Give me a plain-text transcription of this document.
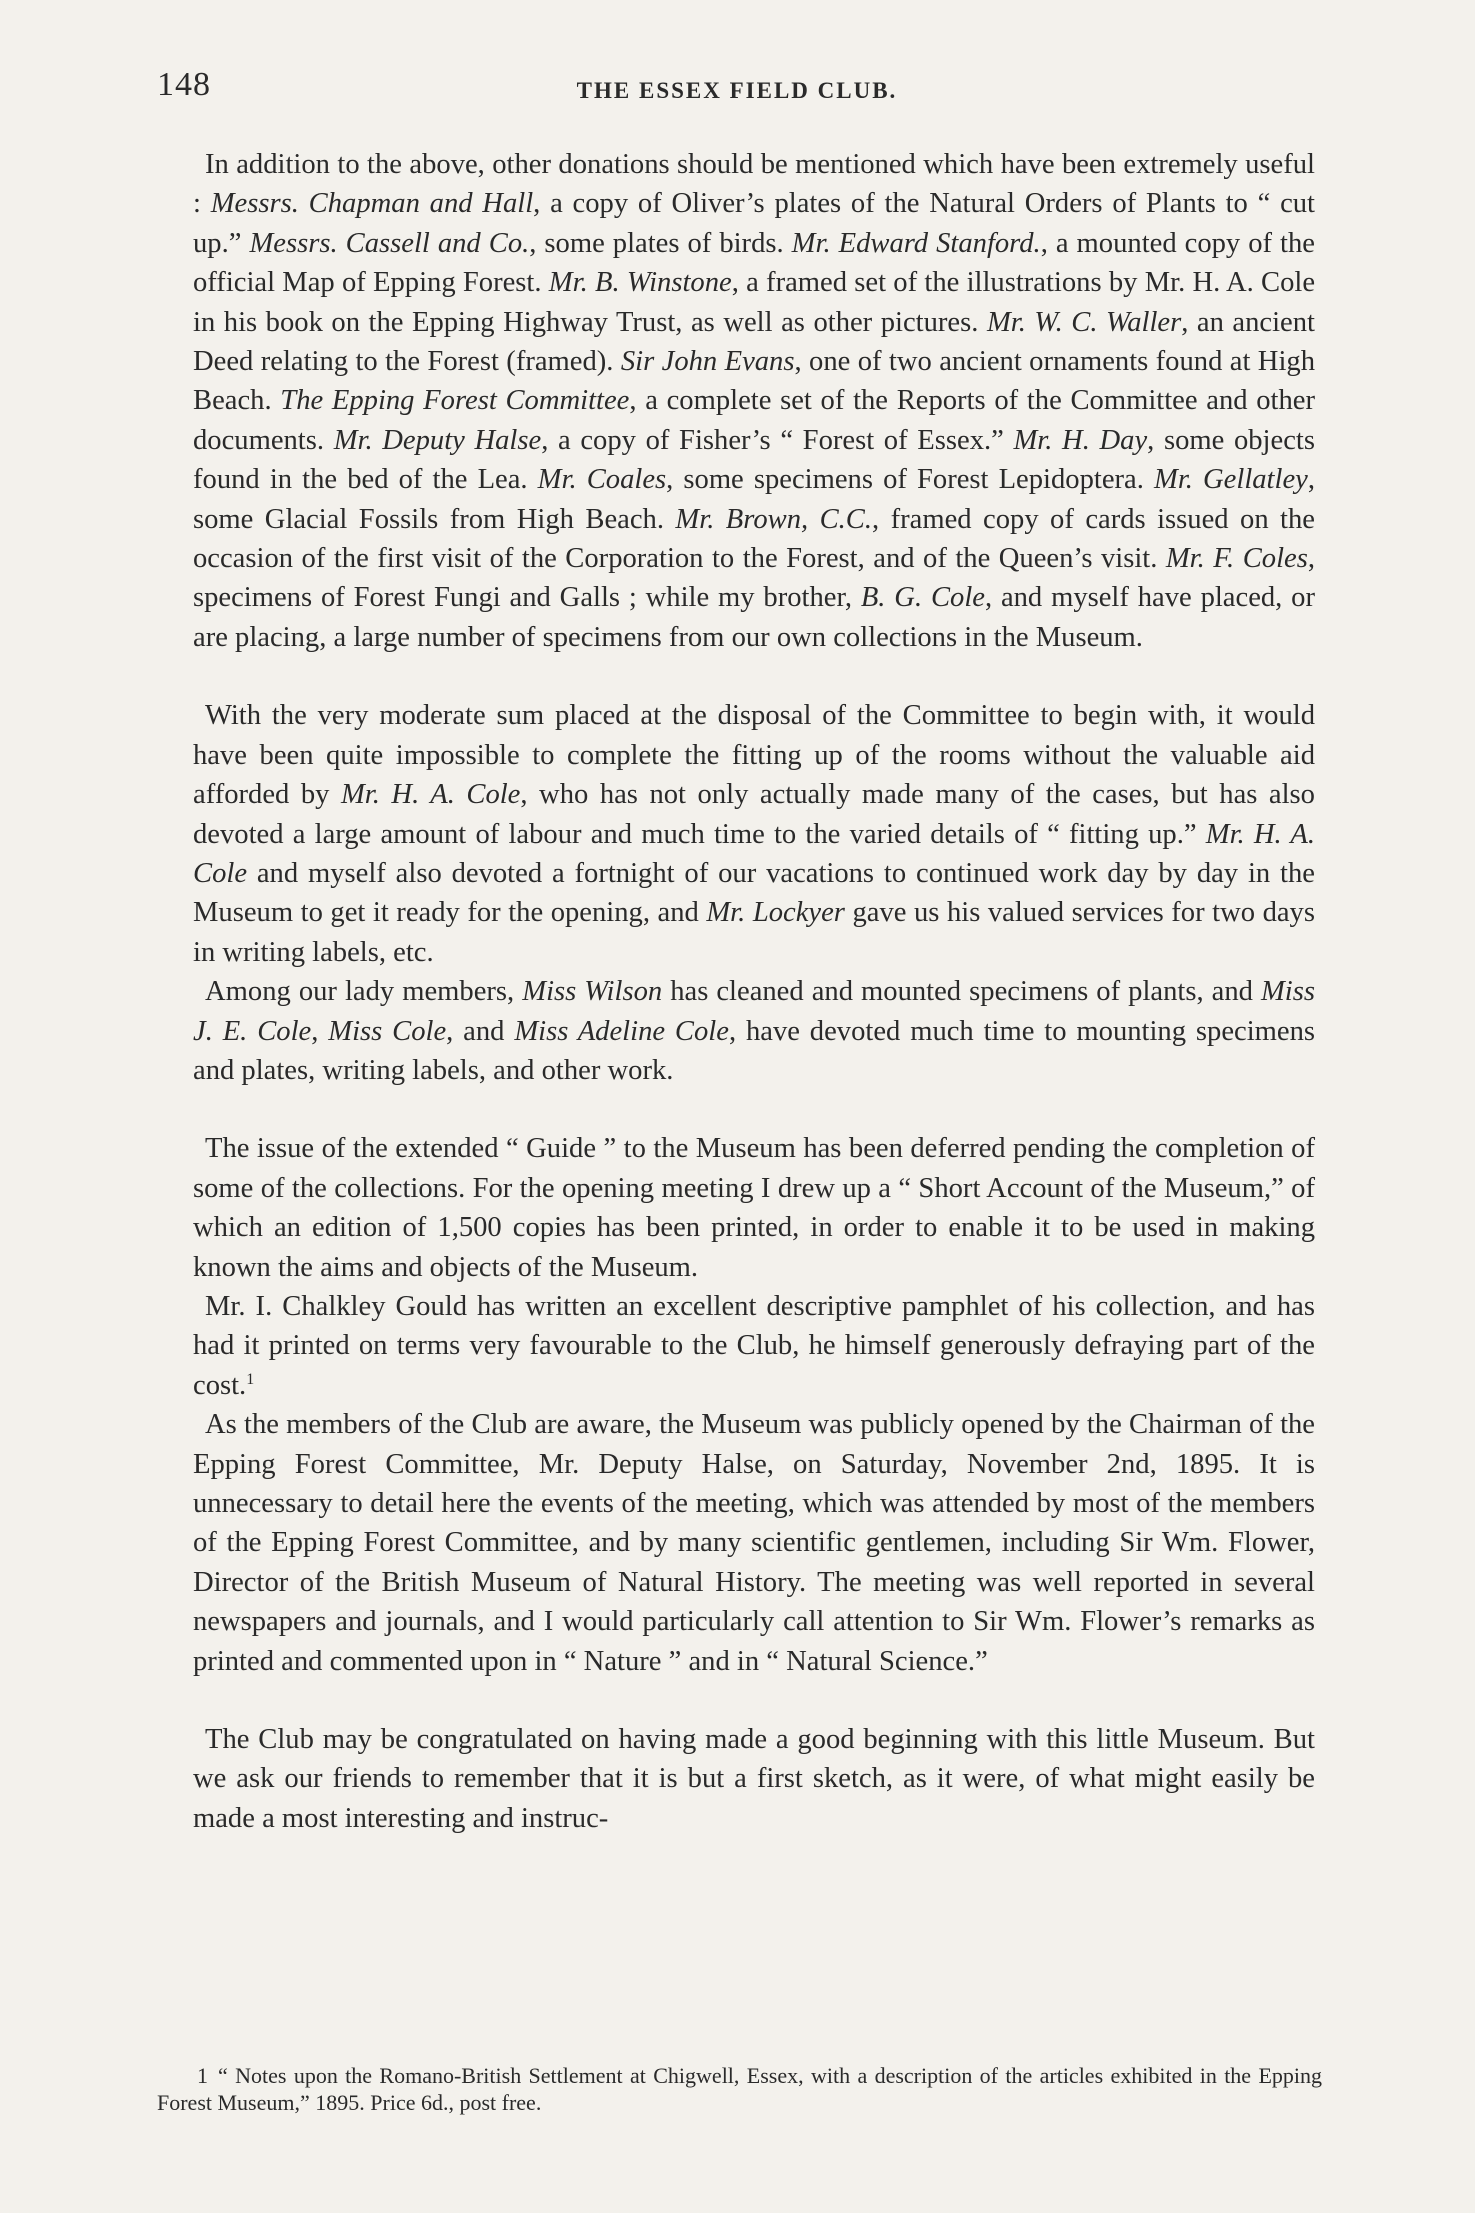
148	THE ESSEX FIELD CLUB.

In addition to the above, other donations should be mentioned which have been extremely useful : Messrs. Chapman and Hall, a copy of Oliver’s plates of the Natural Orders of Plants to “ cut up.” Messrs. Cassell and Co., some plates of birds. Mr. Edward Stanford., a mounted copy of the official Map of Epping Forest. Mr. B. Winstone, a framed set of the illustrations by Mr. H. A. Cole in his book on the Epping Highway Trust, as well as other pictures. Mr. W. C. Waller, an ancient Deed relating to the Forest (framed). Sir John Evans, one of two ancient ornaments found at High Beach. The Epping Forest Committee, a complete set of the Reports of the Committee and other documents. Mr. Deputy Halse, a copy of Fisher’s “ Forest of Essex.” Mr. H. Day, some objects found in the bed of the Lea. Mr. Coales, some specimens of Forest Lepidoptera. Mr. Gellatley, some Glacial Fossils from High Beach. Mr. Brown, C.C., framed copy of cards issued on the occasion of the first visit of the Corporation to the Forest, and of the Queen’s visit. Mr. F. Coles, specimens of Forest Fungi and Galls ; while my brother, B. G. Cole, and myself have placed, or are placing, a large number of specimens from our own collections in the Museum.

With the very moderate sum placed at the disposal of the Committee to begin with, it would have been quite impossible to complete the fitting up of the rooms without the valuable aid afforded by Mr. H. A. Cole, who has not only actually made many of the cases, but has also devoted a large amount of labour and much time to the varied details of “ fitting up.” Mr. H. A. Cole and myself also devoted a fortnight of our vacations to continued work day by day in the Museum to get it ready for the opening, and Mr. Lockyer gave us his valued services for two days in writing labels, etc.

Among our lady members, Miss Wilson has cleaned and mounted specimens of plants, and Miss J. E. Cole, Miss Cole, and Miss Adeline Cole, have devoted much time to mounting specimens and plates, writing labels, and other work.

The issue of the extended “ Guide ” to the Museum has been deferred pending the completion of some of the collections. For the opening meeting I drew up a “ Short Account of the Museum,” of which an edition of 1,500 copies has been printed, in order to enable it to be used in making known the aims and objects of the Museum.

Mr. I. Chalkley Gould has written an excellent descriptive pamphlet of his collection, and has had it printed on terms very favourable to the Club, he himself generously defraying part of the cost.$^1$

As the members of the Club are aware, the Museum was publicly opened by the Chairman of the Epping Forest Committee, Mr. Deputy Halse, on Saturday, November 2nd, 1895. It is unnecessary to detail here the events of the meeting, which was attended by most of the members of the Epping Forest Committee, and by many scientific gentlemen, including Sir Wm. Flower, Director of the British Museum of Natural History. The meeting was well reported in several newspapers and journals, and I would particularly call attention to Sir Wm. Flower’s remarks as printed and commented upon in “ Nature ” and in “ Natural Science.”

The Club may be congratulated on having made a good beginning with this little Museum. But we ask our friends to remember that it is but a first sketch, as it were, of what might easily be made a most interesting and instruc-

1 “ Notes upon the Romano-British Settlement at Chigwell, Essex, with a description of the articles exhibited in the Epping Forest Museum,” 1895. Price 6d., post free.
